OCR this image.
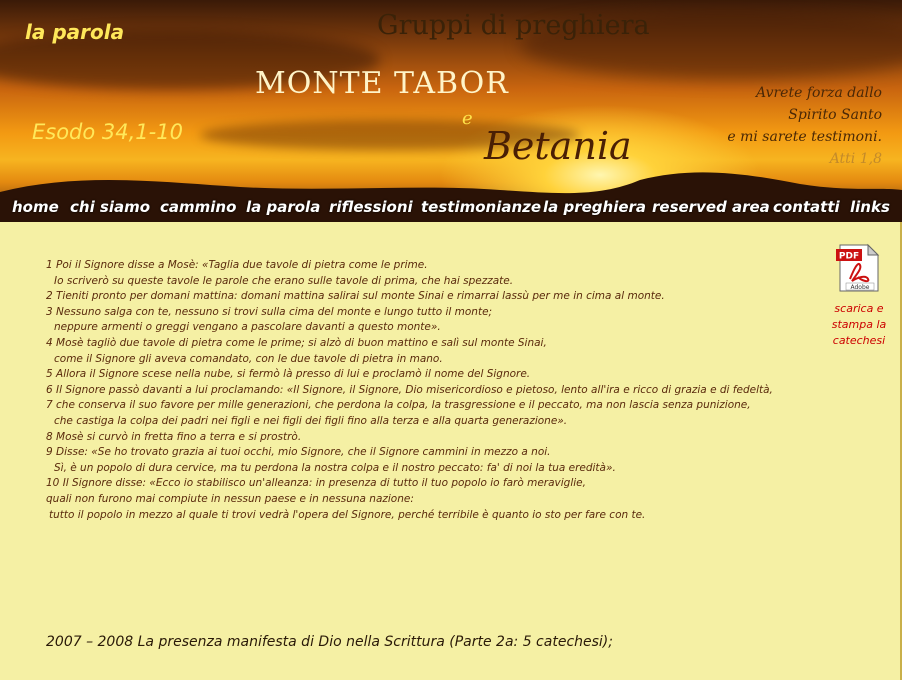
la parola	Gruppi di preghiera
MONTE TABOR
e
Betania
Esodo 34,1-10
Avrete forza dallo
Spirito Santo
e mi sarete testimoni.
Atti 1,8
home chi siamo cammino la parola riflessioni testimonianze la preghiera reserved area contatti links
1 Poi il Signore disse a Mosè: «Taglia due tavole di pietra come le prime.
Io scriverò su queste tavole le parole che erano sulle tavole di prima, che hai spezzate.
2 Tieniti pronto per domani mattina: domani mattina salirai sul monte Sinai e rimarrai lassù per me in cima al monte.
3 Nessuno salga con te, nessuno si trovi sulla cima del monte e lungo tutto il monte;
neppure armenti o greggi vengano a pascolare davanti a questo monte».
4 Mosè tagliò due tavole di pietra come le prime; si alzò di buon mattino e salì sul monte Sinai,
come il Signore gli aveva comandato, con le due tavole di pietra in mano.
5 Allora il Signore scese nella nube, si fermò là presso di lui e proclamò il nome del Signore.
6 Il Signore passò davanti a lui proclamando: «Il Signore, il Signore, Dio misericordioso e pietoso, lento all'ira e ricco di grazia e di fedeltà,
7 che conserva il suo favore per mille generazioni, che perdona la colpa, la trasgressione e il peccato, ma non lascia senza punizione,
che castiga la colpa dei padri nei figli e nei figli dei figli fino alla terza e alla quarta generazione».
8 Mosè si curvò in fretta fino a terra e si prostrò.
9 Disse: «Se ho trovato grazia ai tuoi occhi, mio Signore, che il Signore cammini in mezzo a noi.
Sì, è un popolo di dura cervice, ma tu perdona la nostra colpa e il nostro peccato: fa' di noi la tua eredità».
10 Il Signore disse: «Ecco io stabilisco un'alleanza: in presenza di tutto il tuo popolo io farò meraviglie,
quali non furono mai compiute in nessun paese e in nessuna nazione:
tutto il popolo in mezzo al quale ti trovi vedrà l'opera del Signore, perché terribile è quanto io sto per fare con te.
PDF
Adobe
scarica e
stampa la
catechesi
2007 – 2008 La presenza manifesta di Dio nella Scrittura (Parte 2a: 5 catechesi);
